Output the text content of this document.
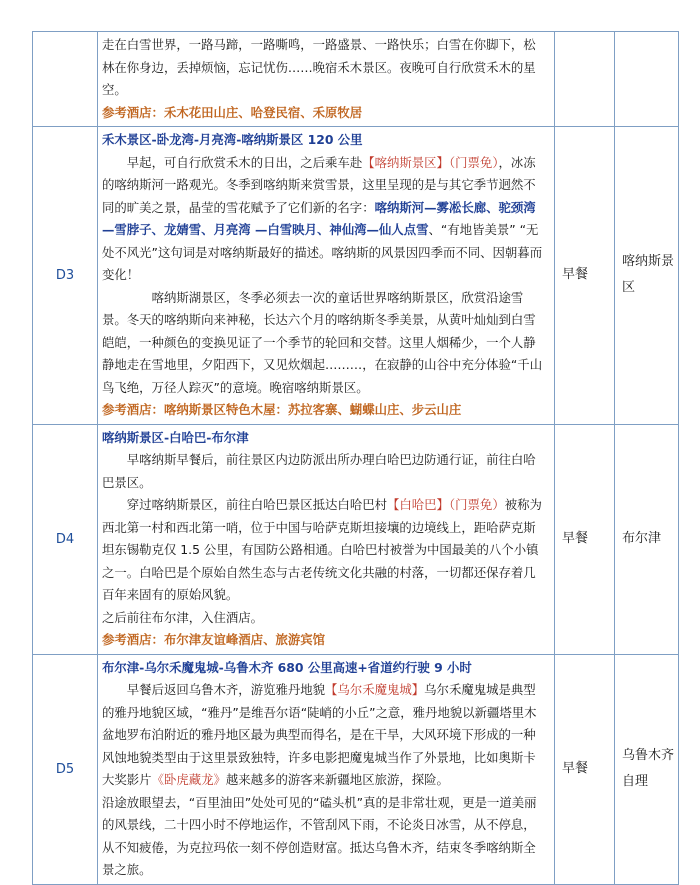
	走在白雪世界，一路马蹄，一路嘶鸣，一路盛景、一路快乐；白雪在你脚下，松林在你身边，丢掉烦恼，忘记忧伤……晚宿禾木景区。夜晚可自行欣赏禾木的星空。

参考酒店：禾木花田山庄、哈登民宿、禾原牧居		

D3	禾木景区-卧龙湾-月亮湾-喀纳斯景区 120 公里

早起，可自行欣赏禾木的日出，之后乘车赴【喀纳斯景区】（门票免），冰冻的喀纳斯河一路观光。冬季到喀纳斯来赏雪景，这里呈现的是与其它季节迥然不同的旷美之景，晶莹的雪花赋予了它们新的名字：喀纳斯河—雾凇长廊、驼颈湾—雪脖子、龙婧雪、月亮湾 —白雪映月、神仙湾—仙人点雪、“有地皆美景” “无处不风光”这句词是对喀纳斯最好的描述。喀纳斯的风景因四季而不同、因朝暮而变化！

喀纳斯湖景区，冬季必须去一次的童话世界喀纳斯景区，欣赏沿途雪景。冬天的喀纳斯向来神秘，长达六个月的喀纳斯冬季美景，从黄叶灿灿到白雪皑皑，一种颜色的变换见证了一个季节的轮回和交替。这里人烟稀少，一个人静静地走在雪地里，夕阳西下，又见炊烟起………，在寂静的山谷中充分体验“千山鸟飞绝，万径人踪灭”的意境。晚宿喀纳斯景区。

参考酒店：喀纳斯景区特色木屋：苏拉客寨、蝴蝶山庄、步云山庄	早餐	喀纳斯景区
D4	喀纳斯景区-白哈巴-布尔津

早喀纳斯早餐后，前往景区内边防派出所办理白哈巴边防通行证，前往白哈巴景区。

穿过喀纳斯景区，前往白哈巴景区抵达白哈巴村【白哈巴】（门票免）被称为西北第一村和西北第一哨，位于中国与哈萨克斯坦接壤的边境线上，距哈萨克斯坦东锡勒克仅 1.5 公里，有国防公路相通。白哈巴村被誉为中国最美的八个小镇之一。白哈巴是个原始自然生态与古老传统文化共融的村落，一切都还保存着几百年来固有的原始风貌。

之后前往布尔津，入住酒店。

参考酒店：布尔津友谊峰酒店、旅游宾馆	早餐	布尔津
D5	布尔津-乌尔禾魔鬼城-乌鲁木齐 680 公里高速+省道约行驶 9 小时

早餐后返回乌鲁木齐，游览雅丹地貌【乌尔禾魔鬼城】乌尔禾魔鬼城是典型的雅丹地貌区域，“雅丹”是维吾尔语“陡峭的小丘”之意，雅丹地貌以新疆塔里木盆地罗布泊附近的雅丹地区最为典型而得名，是在干旱，大风环境下形成的一种风蚀地貌类型由于这里景致独特，许多电影把魔鬼城当作了外景地，比如奥斯卡大奖影片《卧虎藏龙》越来越多的游客来新疆地区旅游，探险。

沿途放眼望去，“百里油田”处处可见的“磕头机”真的是非常壮观，更是一道美丽的风景线，二十四小时不停地运作，不管刮风下雨，不论炎日冰雪，从不停息，从不知疲倦，为克拉玛依一刻不停创造财富。抵达乌鲁木齐，结束冬季喀纳斯全景之旅。	早餐	乌鲁木齐自理
